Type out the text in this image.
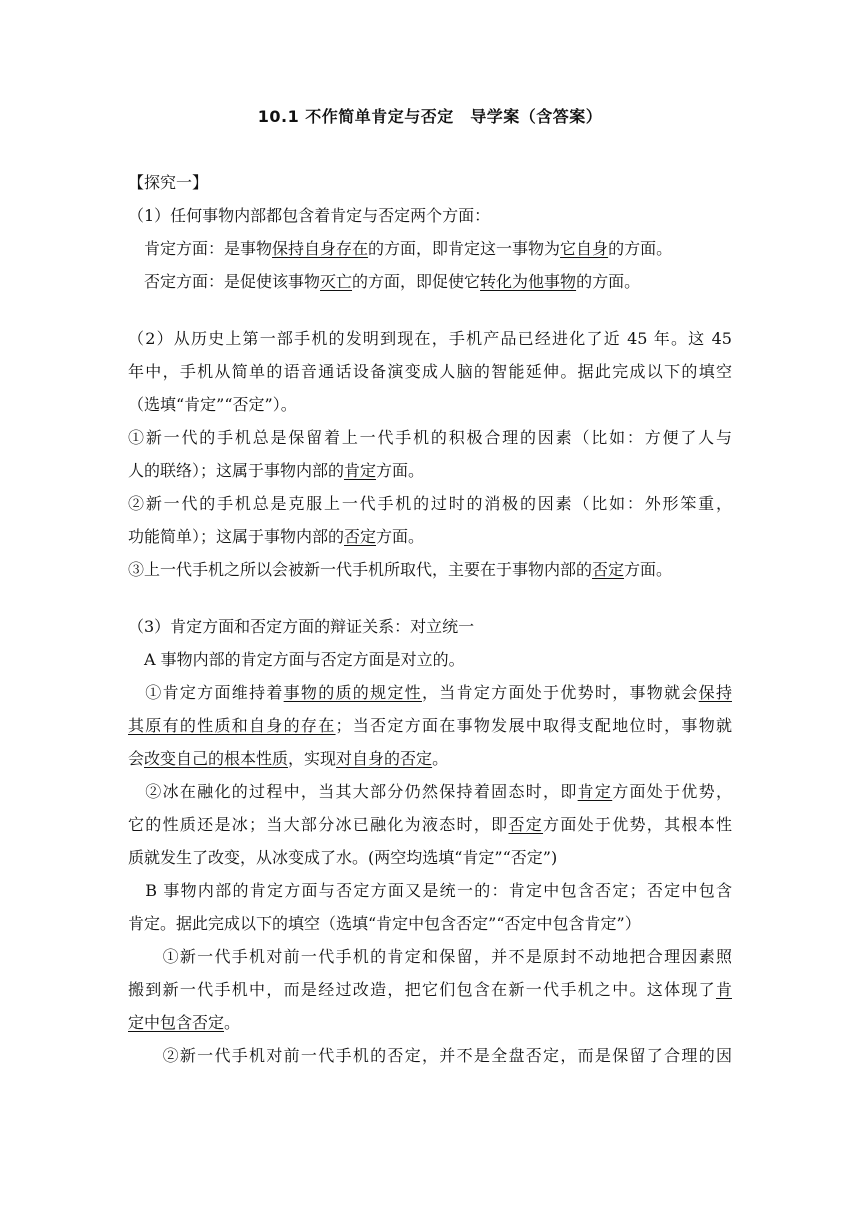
10.1 不作简单肯定与否定　导学案（含答案）
【探究一】
（1）任何事物内部都包含着肯定与否定两个方面：
　肯定方面：是事物保持自身存在的方面，即肯定这一事物为它自身的方面。
　否定方面：是促使该事物灭亡的方面，即促使它转化为他事物的方面。
（2）从历史上第一部手机的发明到现在，手机产品已经进化了近 45 年。这 45
年中，手机从简单的语音通话设备演变成人脑的智能延伸。据此完成以下的填空
（选填“肯定”“否定”）。
①新一代的手机总是保留着上一代手机的积极合理的因素（比如：方便了人与
人的联络）；这属于事物内部的肯定方面。
②新一代的手机总是克服上一代手机的过时的消极的因素（比如：外形笨重，
功能简单）；这属于事物内部的否定方面。
③上一代手机之所以会被新一代手机所取代，主要在于事物内部的否定方面。
（3）肯定方面和否定方面的辩证关系：对立统一
　A 事物内部的肯定方面与否定方面是对立的。
　①肯定方面维持着事物的质的规定性，当肯定方面处于优势时，事物就会保持
其原有的性质和自身的存在；当否定方面在事物发展中取得支配地位时，事物就
会改变自己的根本性质，实现对自身的否定。
　②冰在融化的过程中，当其大部分仍然保持着固态时，即肯定方面处于优势，
它的性质还是冰；当大部分冰已融化为液态时，即否定方面处于优势，其根本性
质就发生了改变，从冰变成了水。(两空均选填“肯定”“否定”)
　B 事物内部的肯定方面与否定方面又是统一的：肯定中包含否定；否定中包含
肯定。据此完成以下的填空（选填“肯定中包含否定”“否定中包含肯定”）
　　①新一代手机对前一代手机的肯定和保留，并不是原封不动地把合理因素照
搬到新一代手机中，而是经过改造，把它们包含在新一代手机之中。这体现了肯
定中包含否定。
　　②新一代手机对前一代手机的否定，并不是全盘否定，而是保留了合理的因
